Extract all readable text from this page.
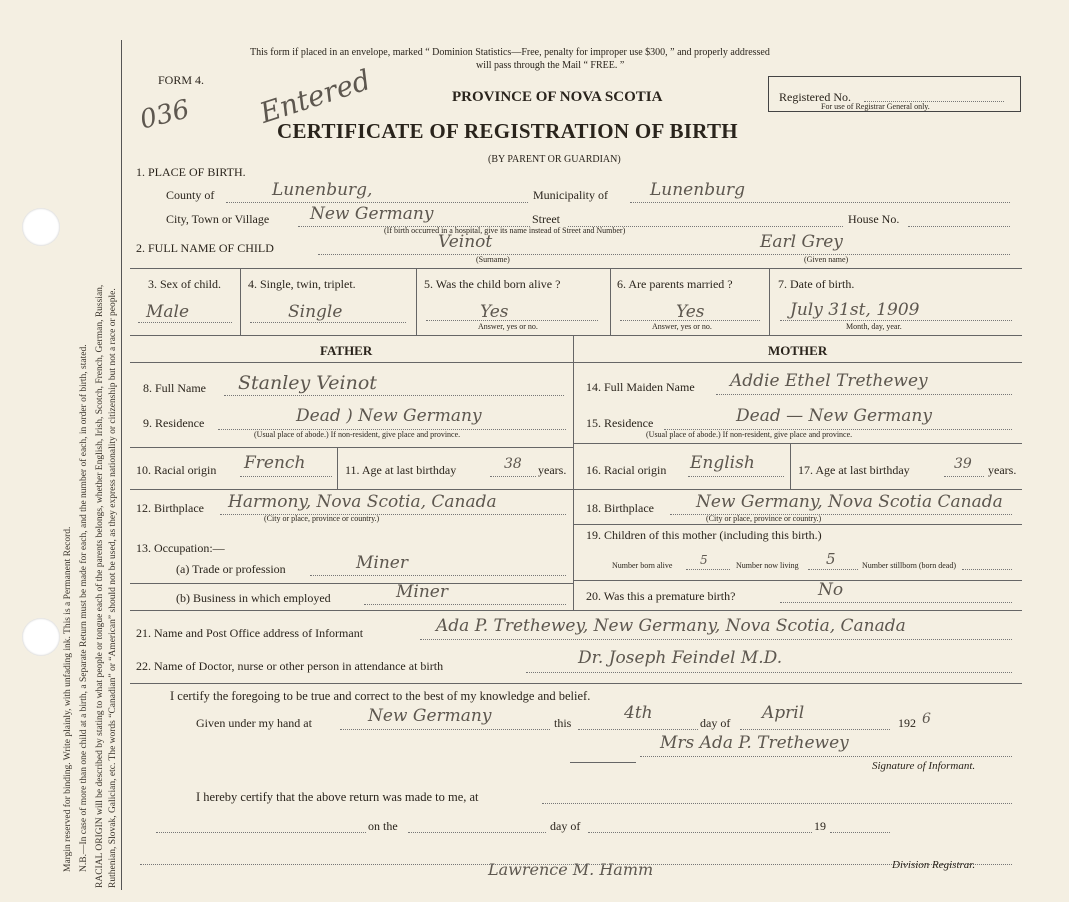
Margin reserved for binding. Write plainly, with unfading ink. This is a Permanent Record. N.B.—In case of more than one child at a birth, a Separate Return must be made for each, and the number of each, in order of birth, stated. RACIAL ORIGIN will be described by stating to what people or tongue each of the parents belongs, whether English, Irish, Scotch, French, German, Russian, Ruthenian, Slovak, Galician, etc. The words “Canadian” or “American” should not be used, as they express nationality or citizenship but not a race or people.
This form if placed in an envelope, marked “ Dominion Statistics—Free, penalty for improper use $300, ” and properly addressed
will pass through the Mail “ FREE. ”
FORM 4.
036 Entered	PROVINCE OF NOVA SCOTIA	Registered No.
For use of Registrar General only.
CERTIFICATE OF REGISTRATION OF BIRTH
(BY PARENT OR GUARDIAN)
1. PLACE OF BIRTH.
County of	Lunenburg,	Municipality of Lunenburg
City, Town or Village New Germany	Street	House No.
(If birth occurred in a hospital, give its name instead of Street and Number)
2. FULL NAME OF CHILD	Veinot	Earl Grey
(Surname)	(Given name)
3. Sex of child.
Male
4. Single, twin, triplet.
Single
5. Was the child born alive ?
Yes
Answer, yes or no.
6. Are parents married ?
Yes
Answer, yes or no.
7. Date of birth.
July 31st, 1909
Month, day, year.
FATHER	MOTHER
8. Full Name Stanley Veinot
9. Residence	Dead ) New Germany
(Usual place of abode.) If non-resident, give place and province.
10. Racial origin French	11. Age at last birthday	38 years.
12. Birthplace Harmony, Nova Scotia, Canada
(City or place, province or country.)
13. Occupation:—
(a) Trade or profession	Miner
(b) Business in which employed	Miner
14. Full Maiden Name Addie Ethel Trethewey
15. Residence	Dead — New Germany
(Usual place of abode.) If non-resident, give place and province.
16. Racial origin English	17. Age at last birthday	39 years.
18. Birthplace New Germany, Nova Scotia Canada
(City or place, province or country.)
19. Children of this mother (including this birth.)
Number born alive 5	Number now living 5	Number stillborn (born dead)
20. Was this a premature birth?	No
21. Name and Post Office address of Informant	Ada P. Trethewey, New Germany, Nova Scotia, Canada
22. Name of Doctor, nurse or other person in attendance at birth	Dr. Joseph Feindel M.D.
I certify the foregoing to be true and correct to the best of my knowledge and belief.
Given under my hand at	New Germany	this	4th	day of April	192 6
Mrs Ada P. Trethewey
Signature of Informant.
I hereby certify that the above return was made to me, at
on the	day of	19
Lawrence M. Hamm	Division Registrar.
